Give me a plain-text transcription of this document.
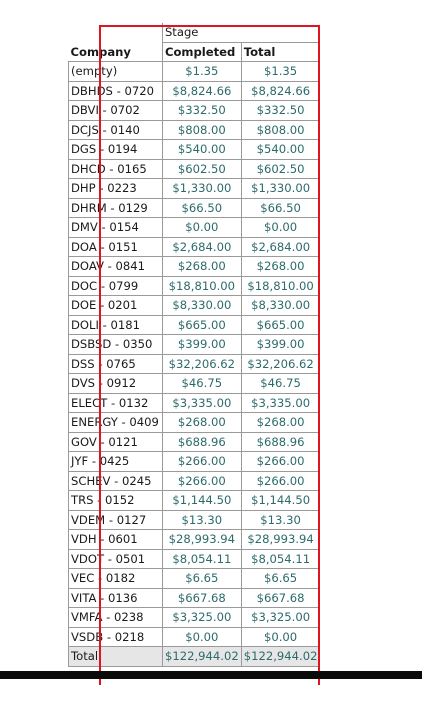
	Stage	
Company	Completed	Total
(empty)	$1.35	$1.35
DBHDS - 0720	$8,824.66	$8,824.66
DBVI - 0702	$332.50	$332.50
DCJS - 0140	$808.00	$808.00
DGS - 0194	$540.00	$540.00
DHCD - 0165	$602.50	$602.50
DHP - 0223	$1,330.00	$1,330.00
DHRM - 0129	$66.50	$66.50
DMV - 0154	$0.00	$0.00
DOA - 0151	$2,684.00	$2,684.00
DOAV - 0841	$268.00	$268.00
DOC - 0799	$18,810.00	$18,810.00
DOE - 0201	$8,330.00	$8,330.00
DOLI - 0181	$665.00	$665.00
DSBSD - 0350	$399.00	$399.00
DSS - 0765	$32,206.62	$32,206.62
DVS - 0912	$46.75	$46.75
ELECT - 0132	$3,335.00	$3,335.00
ENERGY - 0409	$268.00	$268.00
GOV - 0121	$688.96	$688.96
JYF - 0425	$266.00	$266.00
SCHEV - 0245	$266.00	$266.00
TRS - 0152	$1,144.50	$1,144.50
VDEM - 0127	$13.30	$13.30
VDH - 0601	$28,993.94	$28,993.94
VDOT - 0501	$8,054.11	$8,054.11
VEC - 0182	$6.65	$6.65
VITA - 0136	$667.68	$667.68
VMFA - 0238	$3,325.00	$3,325.00
VSDB - 0218	$0.00	$0.00
Total	$122,944.02	$122,944.02
